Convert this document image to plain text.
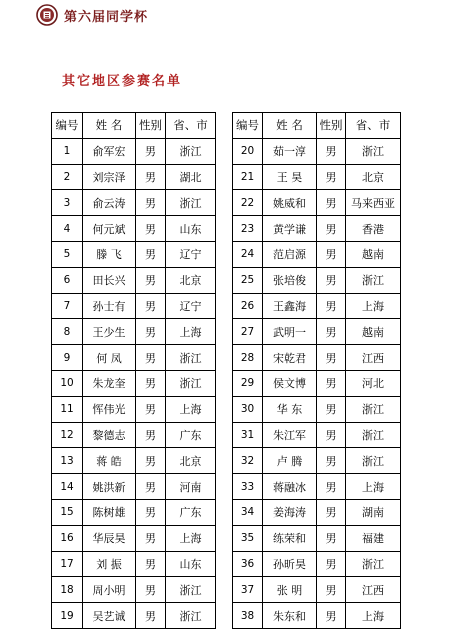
第六届同学杯
其它地区参赛名单
编号	姓 名	性别	省、市
1	俞军宏	男	浙江
2	刘宗泽	男	湖北
3	俞云涛	男	浙江
4	何元斌	男	山东
5	滕 飞	男	辽宁
6	田长兴	男	北京
7	孙士有	男	辽宁
8	王少生	男	上海
9	何 凤	男	浙江
10	朱龙奎	男	浙江
11	恽伟光	男	上海
12	黎德志	男	广东
13	蒋 皓	男	北京
14	姚洪新	男	河南
15	陈树雄	男	广东
16	华辰昊	男	上海
17	刘 振	男	山东
18	周小明	男	浙江
19	吴艺诚	男	浙江
编号	姓 名	性别	省、市
20	茹一淳	男	浙江
21	王 昊	男	北京
22	姚威和	男	马来西亚
23	黄学谦	男	香港
24	范启源	男	越南
25	张培俊	男	浙江
26	王鑫海	男	上海
27	武明一	男	越南
28	宋乾君	男	江西
29	侯文博	男	河北
30	华 东	男	浙江
31	朱江军	男	浙江
32	卢 腾	男	浙江
33	蒋融冰	男	上海
34	姜海涛	男	湖南
35	练荣和	男	福建
36	孙昕昊	男	浙江
37	张 明	男	江西
38	朱东和	男	上海
